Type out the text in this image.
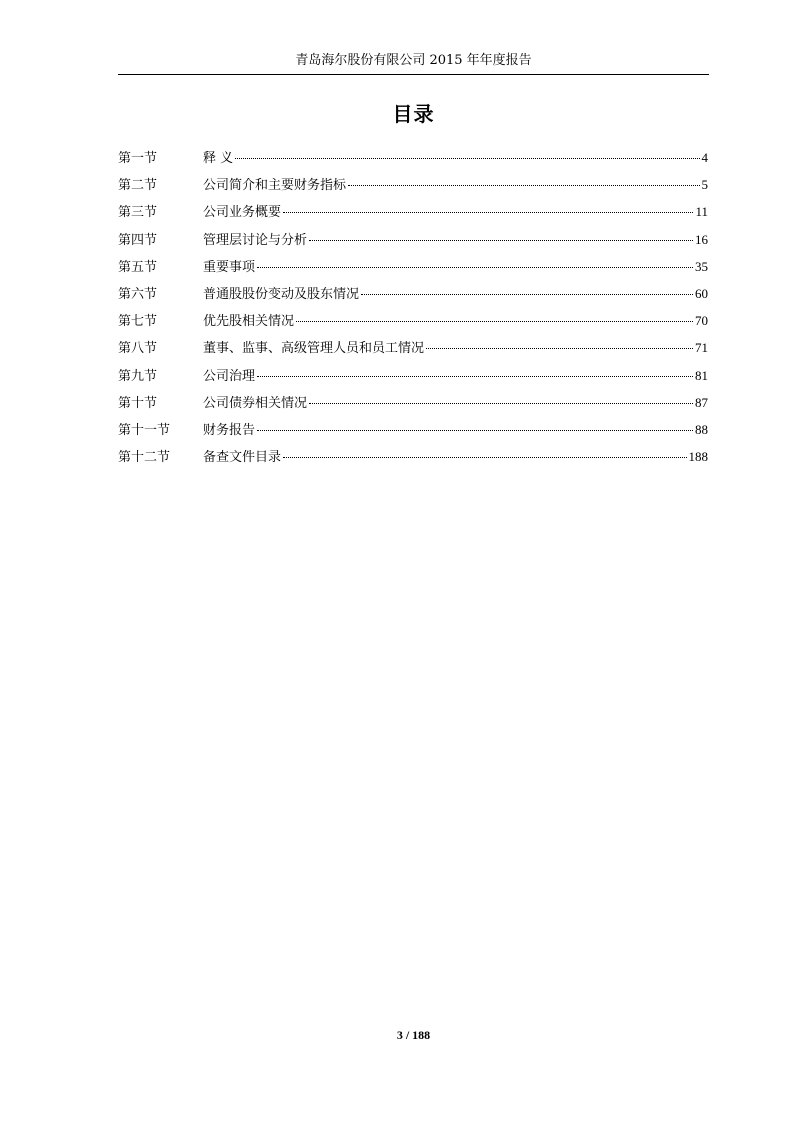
青岛海尔股份有限公司 2015 年年度报告
目录
第一节	释 义	4
第二节	公司简介和主要财务指标	5
第三节	公司业务概要	11
第四节	管理层讨论与分析	16
第五节	重要事项	35
第六节	普通股股份变动及股东情况	60
第七节	优先股相关情况	70
第八节	董事、监事、高级管理人员和员工情况	71
第九节	公司治理	81
第十节	公司债券相关情况	87
第十一节	财务报告	88
第十二节	备查文件目录	188
3 / 188
